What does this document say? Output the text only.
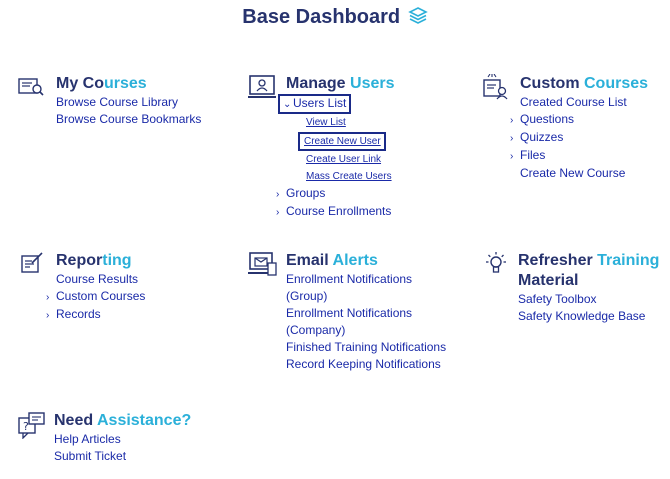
Base Dashboard
My Courses
Browse Course Library
Browse Course Bookmarks
Manage Users
⌄ Users List
View List
Create New User
Create User Link
Mass Create Users
› Groups
› Course Enrollments
Custom Courses
Created Course List
› Questions
› Quizzes
› Files
Create New Course
Reporting
Course Results
› Custom Courses
› Records
Email Alerts
Enrollment Notifications (Group)
Enrollment Notifications (Company)
Finished Training Notifications
Record Keeping Notifications
Refresher Training
Material
Safety Toolbox
Safety Knowledge Base
? Need Assistance?
Help Articles
Submit Ticket
